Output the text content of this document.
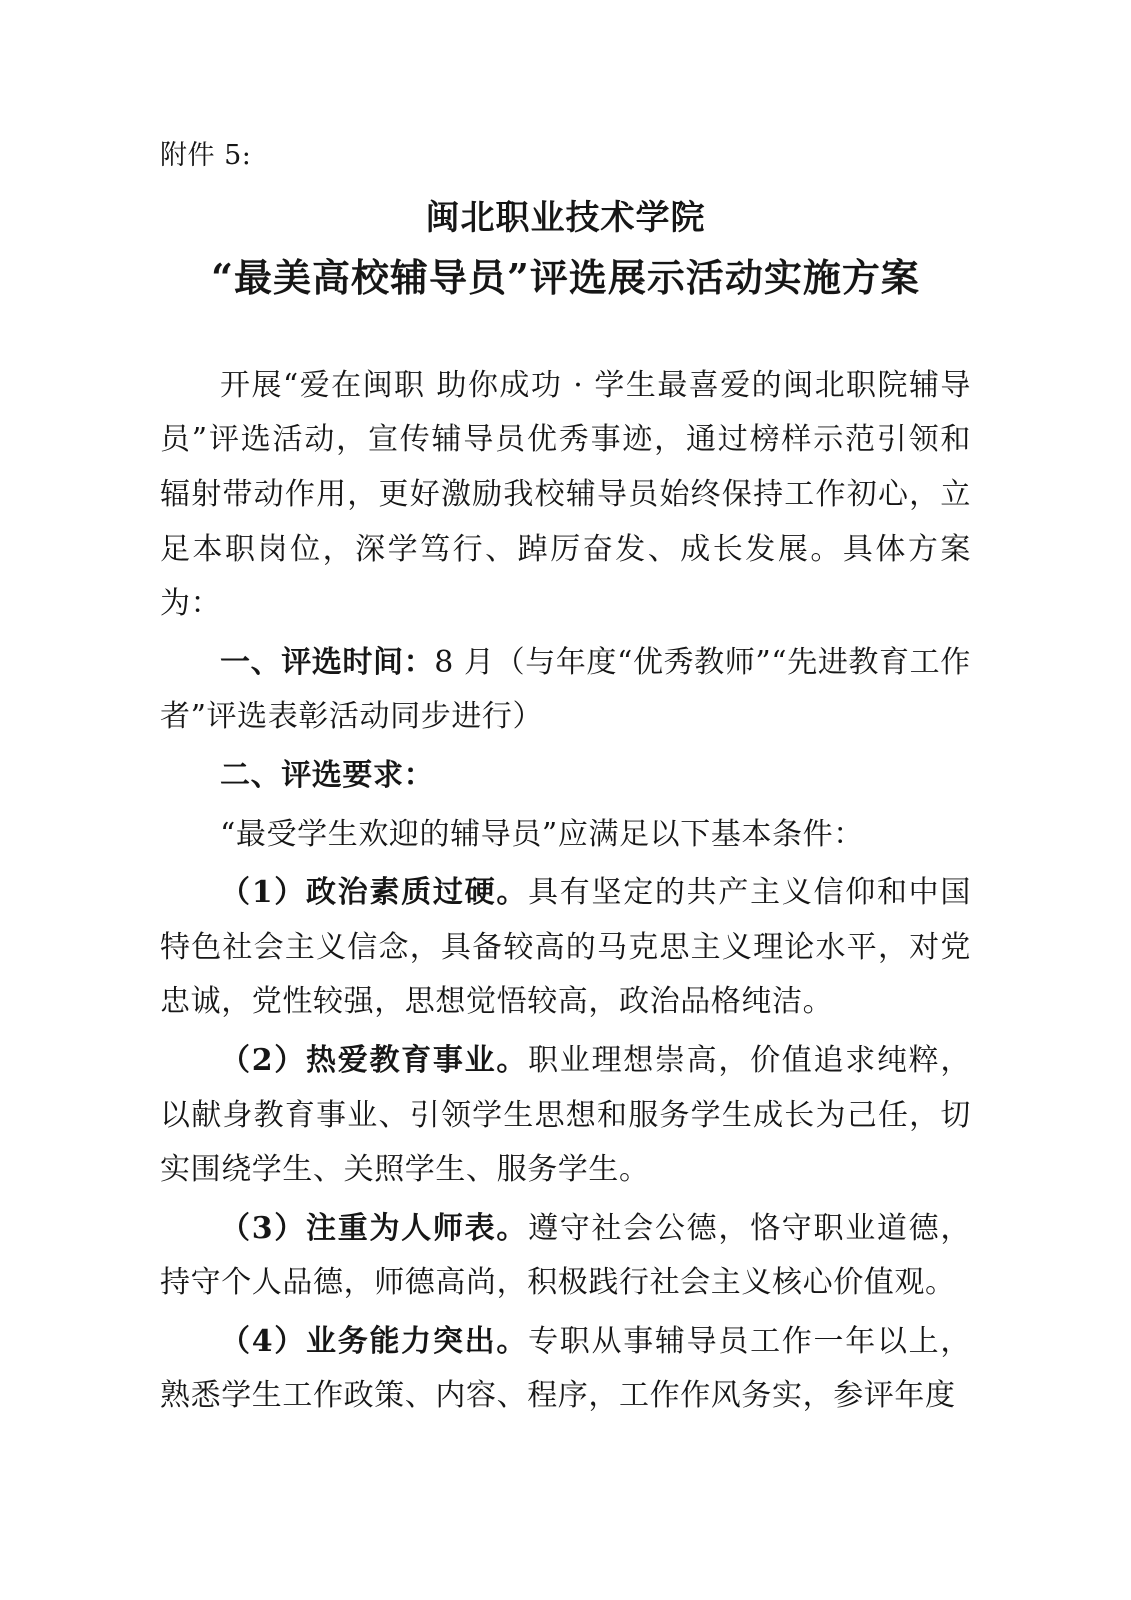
附件 5:
闽北职业技术学院
“最美高校辅导员”评选展示活动实施方案

开展“爱在闽职 助你成功 · 学生最喜爱的闽北职院辅导员”评选活动，宣传辅导员优秀事迹，通过榜样示范引领和辐射带动作用，更好激励我校辅导员始终保持工作初心，立足本职岗位，深学笃行、踔厉奋发、成长发展。具体方案为：

一、评选时间：8 月（与年度“优秀教师”“先进教育工作者”评选表彰活动同步进行）

二、评选要求：

“最受学生欢迎的辅导员”应满足以下基本条件：

（1）政治素质过硬。具有坚定的共产主义信仰和中国特色社会主义信念，具备较高的马克思主义理论水平，对党忠诚，党性较强，思想觉悟较高，政治品格纯洁。

（2）热爱教育事业。职业理想崇高，价值追求纯粹，以献身教育事业、引领学生思想和服务学生成长为己任，切实围绕学生、关照学生、服务学生。

（3）注重为人师表。遵守社会公德，恪守职业道德，持守个人品德，师德高尚，积极践行社会主义核心价值观。

（4）业务能力突出。专职从事辅导员工作一年以上，熟悉学生工作政策、内容、程序，工作作风务实，参评年度
